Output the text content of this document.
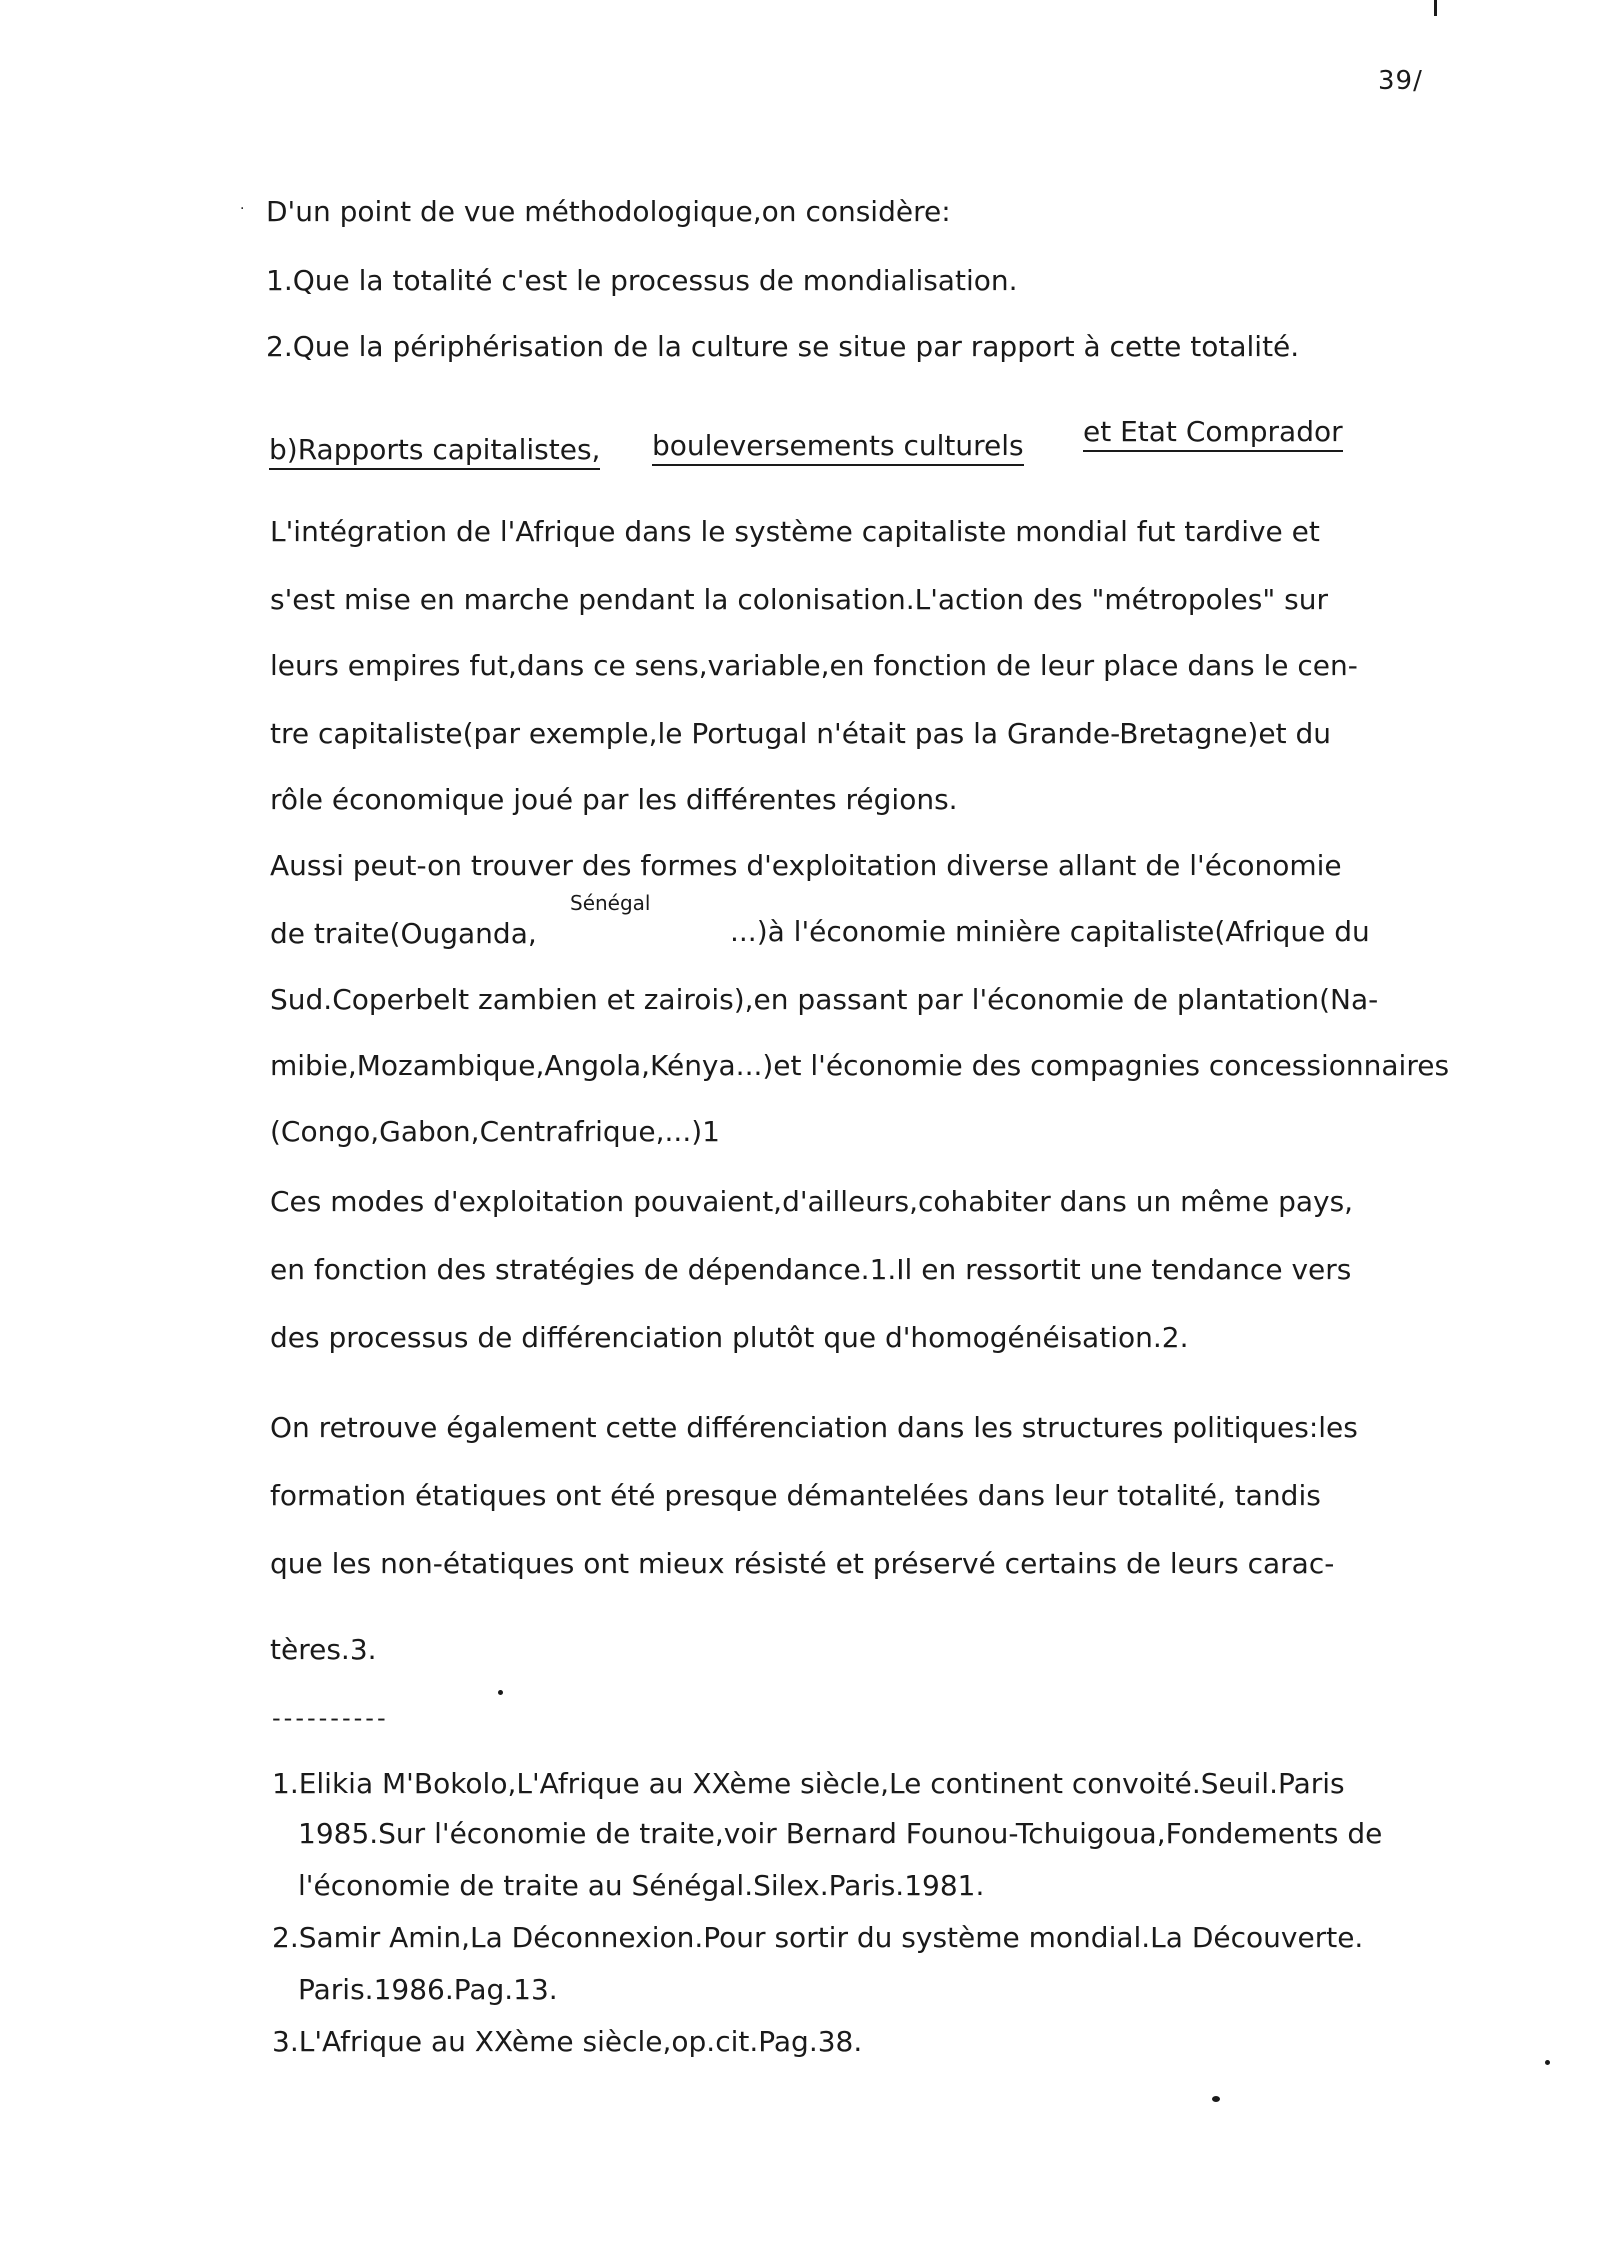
39/
· D'un point de vue méthodologique,on considère:
1.Que la totalité c'est le processus de mondialisation.
2.Que la périphérisation de la culture se situe par rapport à cette totalité.
b)Rapports capitalistes, bouleversements culturels et Etat Comprador
L'intégration de l'Afrique dans le système capitaliste mondial fut tardive et
s'est mise en marche pendant la colonisation.L'action des "métropoles" sur
leurs empires fut,dans ce sens,variable,en fonction de leur place dans le cen-
tre capitaliste(par exemple,le Portugal n'était pas la Grande-Bretagne)et du
rôle économique joué par les différentes régions.
Aussi peut-on trouver des formes d'exploitation diverse allant de l'économie
Sénégal
de traite(Ouganda,	...)à l'économie minière capitaliste(Afrique du
Sud.Coperbelt zambien et zairois),en passant par l'économie de plantation(Na-
mibie,Mozambique,Angola,Kénya...)et l'économie des compagnies concessionnaires
(Congo,Gabon,Centrafrique,...)1
Ces modes d'exploitation pouvaient,d'ailleurs,cohabiter dans un même pays,
en fonction des stratégies de dépendance.1.Il en ressortit une tendance vers
des processus de différenciation plutôt que d'homogénéisation.2.
On retrouve également cette différenciation dans les structures politiques:les
formation étatiques ont été presque démantelées dans leur totalité, tandis
que les non-étatiques ont mieux résisté et préservé certains de leurs carac-
tères.3.
----------
1.Elikia M'Bokolo,L'Afrique au XXème siècle,Le continent convoité.Seuil.Paris
1985.Sur l'économie de traite,voir Bernard Founou-Tchuigoua,Fondements de
l'économie de traite au Sénégal.Silex.Paris.1981.
2.Samir Amin,La Déconnexion.Pour sortir du système mondial.La Découverte.
Paris.1986.Pag.13.
3.L'Afrique au XXème siècle,op.cit.Pag.38.
